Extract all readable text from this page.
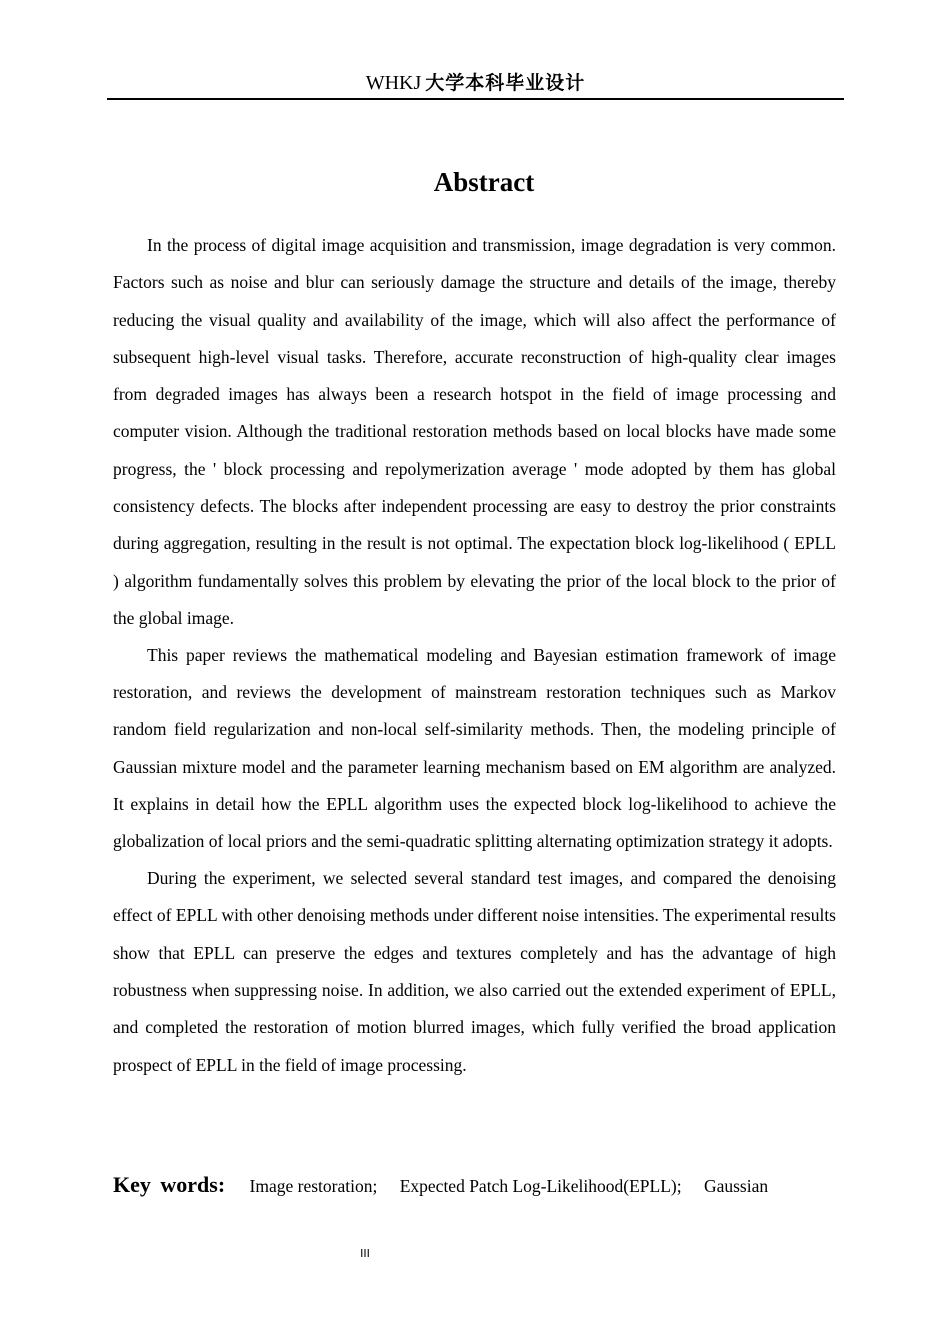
WHKJ 大学本科毕业设计
Abstract

In the process of digital image acquisition and transmission, image degradation is very common. Factors such as noise and blur can seriously damage the structure and details of the image, thereby reducing the visual quality and availability of the image, which will also affect the performance of subsequent high-level visual tasks. Therefore, accurate reconstruction of high-quality clear images from degraded images has always been a research hotspot in the field of image processing and computer vision. Although the traditional restoration methods based on local blocks have made some progress, the ' block processing and repolymerization average ' mode adopted by them has global consistency defects. The blocks after independent processing are easy to destroy the prior constraints during aggregation, resulting in the result is not optimal. The expectation block log-likelihood ( EPLL ) algorithm fundamentally solves this problem by elevating the prior of the local block to the prior of the global image.

This paper reviews the mathematical modeling and Bayesian estimation framework of image restoration, and reviews the development of mainstream restoration techniques such as Markov random field regularization and non-local self-similarity methods. Then, the modeling principle of Gaussian mixture model and the parameter learning mechanism based on EM algorithm are analyzed. It explains in detail how the EPLL algorithm uses the expected block log-likelihood to achieve the globalization of local priors and the semi-quadratic splitting alternating optimization strategy it adopts.

During the experiment, we selected several standard test images, and compared the denoising effect of EPLL with other denoising methods under different noise intensities. The experimental results show that EPLL can preserve the edges and textures completely and has the advantage of high robustness when suppressing noise. In addition, we also carried out the extended experiment of EPLL, and completed the restoration of motion blurred images, which fully verified the broad application prospect of EPLL in the field of image processing.

Key words: Image restoration; Expected Patch Log-Likelihood(EPLL); Gaussian
III
